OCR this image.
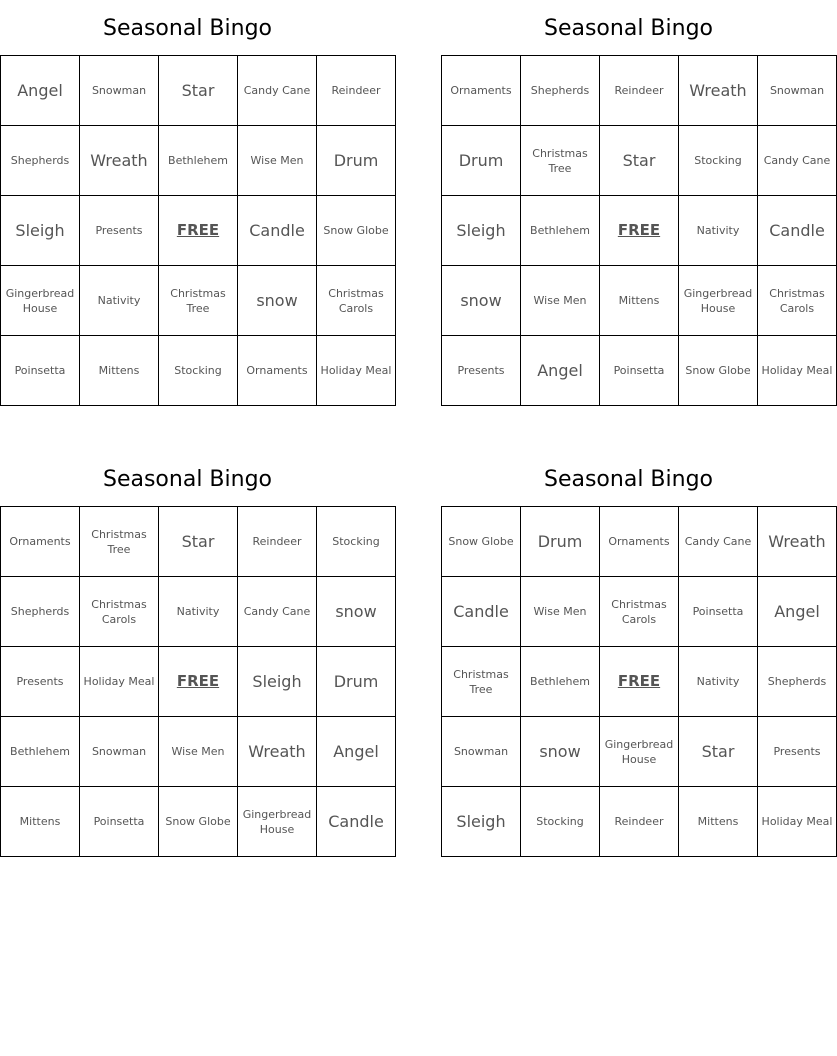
Seasonal Bingo
Angel	Snowman	Star	Candy Cane	Reindeer
Shepherds	Wreath	Bethlehem	Wise Men	Drum
Sleigh	Presents	FREE	Candle	Snow Globe
Gingerbread House	Nativity	Christmas Tree	snow	Christmas Carols
Poinsetta	Mittens	Stocking	Ornaments	Holiday Meal
Seasonal Bingo
Ornaments	Shepherds	Reindeer	Wreath	Snowman
Drum	Christmas Tree	Star	Stocking	Candy Cane
Sleigh	Bethlehem	FREE	Nativity	Candle
snow	Wise Men	Mittens	Gingerbread House	Christmas Carols
Presents	Angel	Poinsetta	Snow Globe	Holiday Meal
Seasonal Bingo
Ornaments	Christmas Tree	Star	Reindeer	Stocking
Shepherds	Christmas Carols	Nativity	Candy Cane	snow
Presents	Holiday Meal	FREE	Sleigh	Drum
Bethlehem	Snowman	Wise Men	Wreath	Angel
Mittens	Poinsetta	Snow Globe	Gingerbread House	Candle
Seasonal Bingo
Snow Globe	Drum	Ornaments	Candy Cane	Wreath
Candle	Wise Men	Christmas Carols	Poinsetta	Angel
Christmas Tree	Bethlehem	FREE	Nativity	Shepherds
Snowman	snow	Gingerbread House	Star	Presents
Sleigh	Stocking	Reindeer	Mittens	Holiday Meal
